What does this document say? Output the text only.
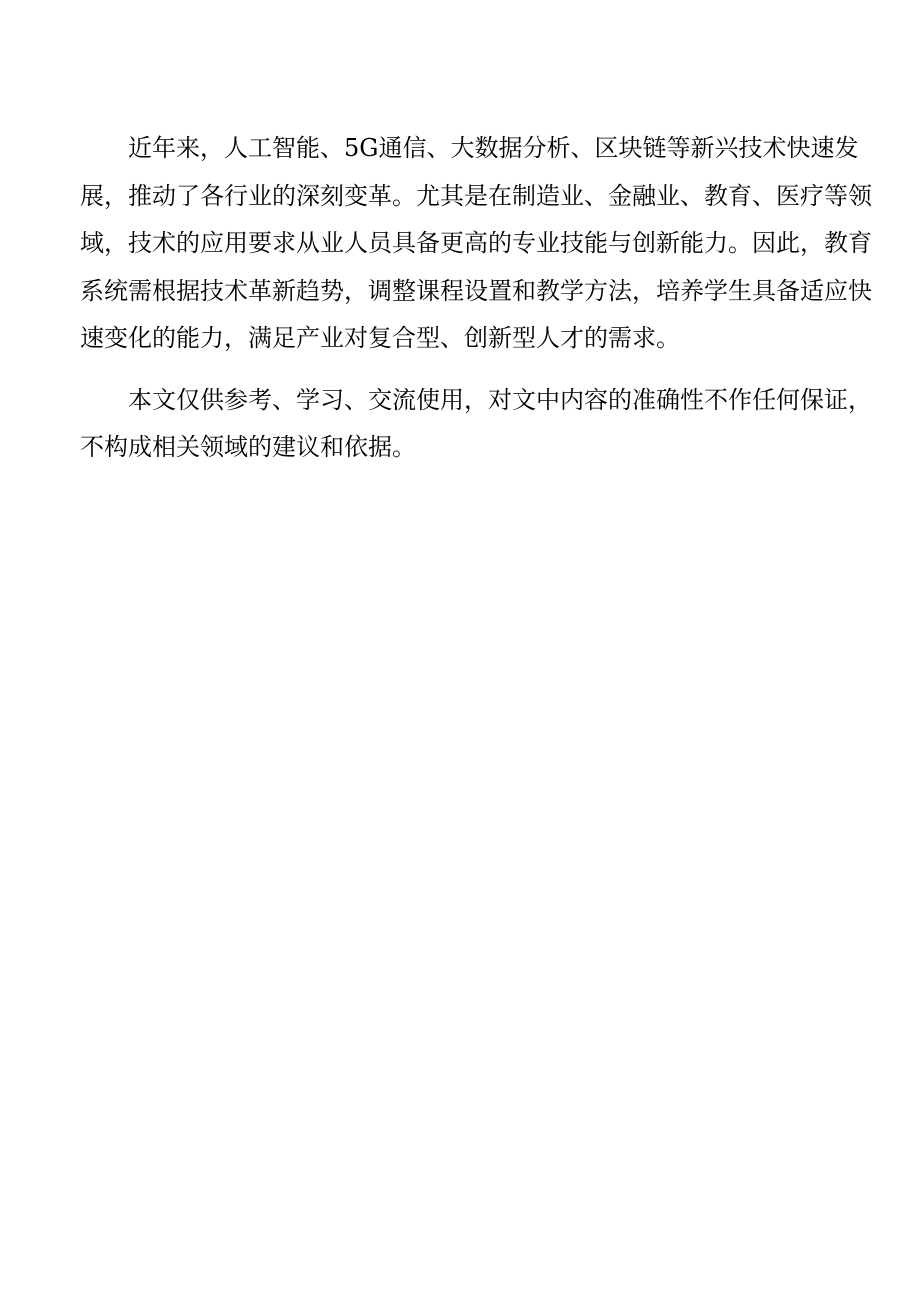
近年来，人工智能、5G通信、大数据分析、区块链等新兴技术快速发
展，推动了各行业的深刻变革。尤其是在制造业、金融业、教育、医疗等领
域，技术的应用要求从业人员具备更高的专业技能与创新能力。因此，教育
系统需根据技术革新趋势，调整课程设置和教学方法，培养学生具备适应快
速变化的能力，满足产业对复合型、创新型人才的需求。
本文仅供参考、学习、交流使用，对文中内容的准确性不作任何保证，
不构成相关领域的建议和依据。
